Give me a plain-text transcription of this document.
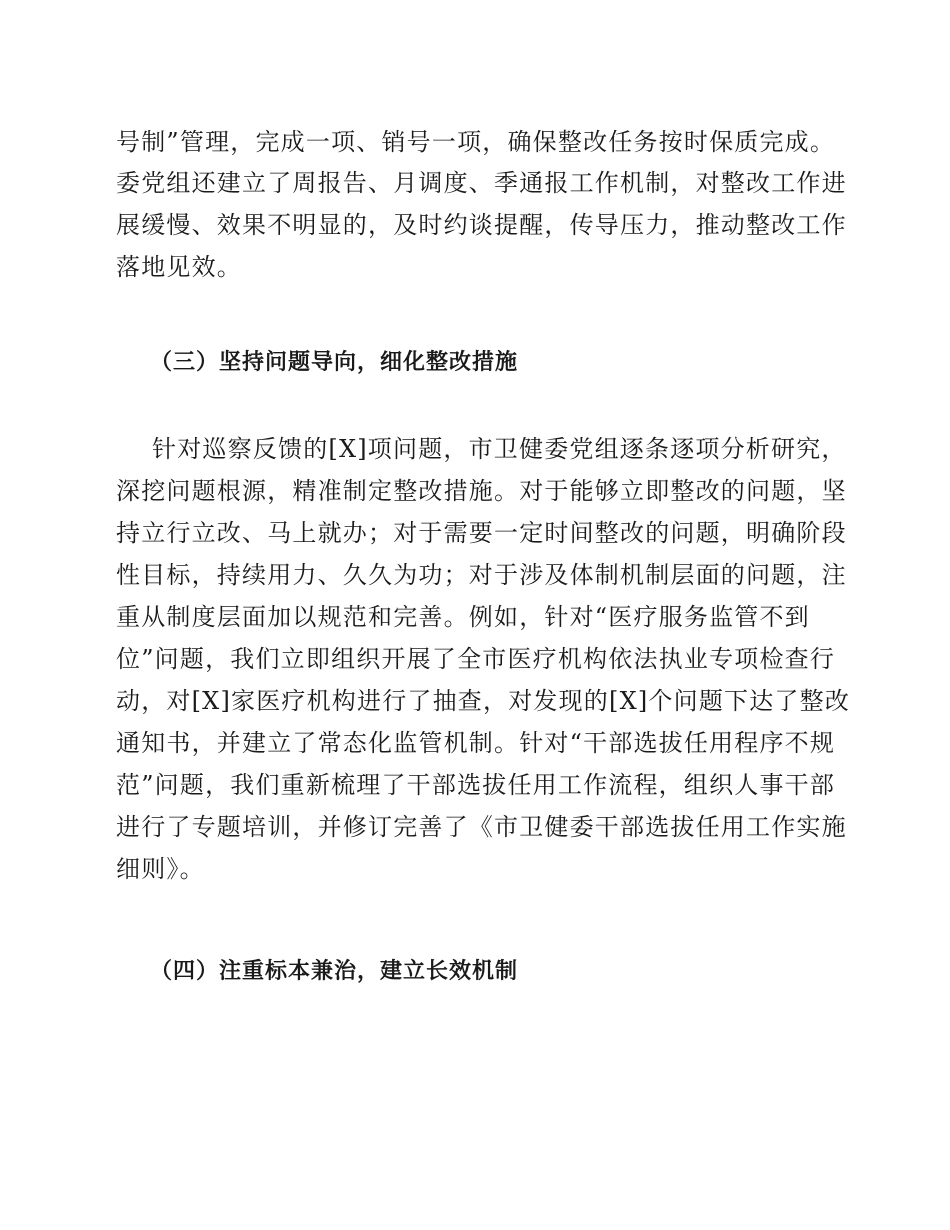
号制”管理，完成一项、销号一项，确保整改任务按时保质完成。
委党组还建立了周报告、月调度、季通报工作机制，对整改工作进
展缓慢、效果不明显的，及时约谈提醒，传导压力，推动整改工作
落地见效。
（三）坚持问题导向，细化整改措施
针对巡察反馈的[X]项问题，市卫健委党组逐条逐项分析研究，
深挖问题根源，精准制定整改措施。对于能够立即整改的问题，坚
持立行立改、马上就办；对于需要一定时间整改的问题，明确阶段
性目标，持续用力、久久为功；对于涉及体制机制层面的问题，注
重从制度层面加以规范和完善。例如，针对“医疗服务监管不到
位”问题，我们立即组织开展了全市医疗机构依法执业专项检查行
动，对[X]家医疗机构进行了抽查，对发现的[X]个问题下达了整改
通知书，并建立了常态化监管机制。针对“干部选拔任用程序不规
范”问题，我们重新梳理了干部选拔任用工作流程，组织人事干部
进行了专题培训，并修订完善了《市卫健委干部选拔任用工作实施
细则》。
（四）注重标本兼治，建立长效机制
